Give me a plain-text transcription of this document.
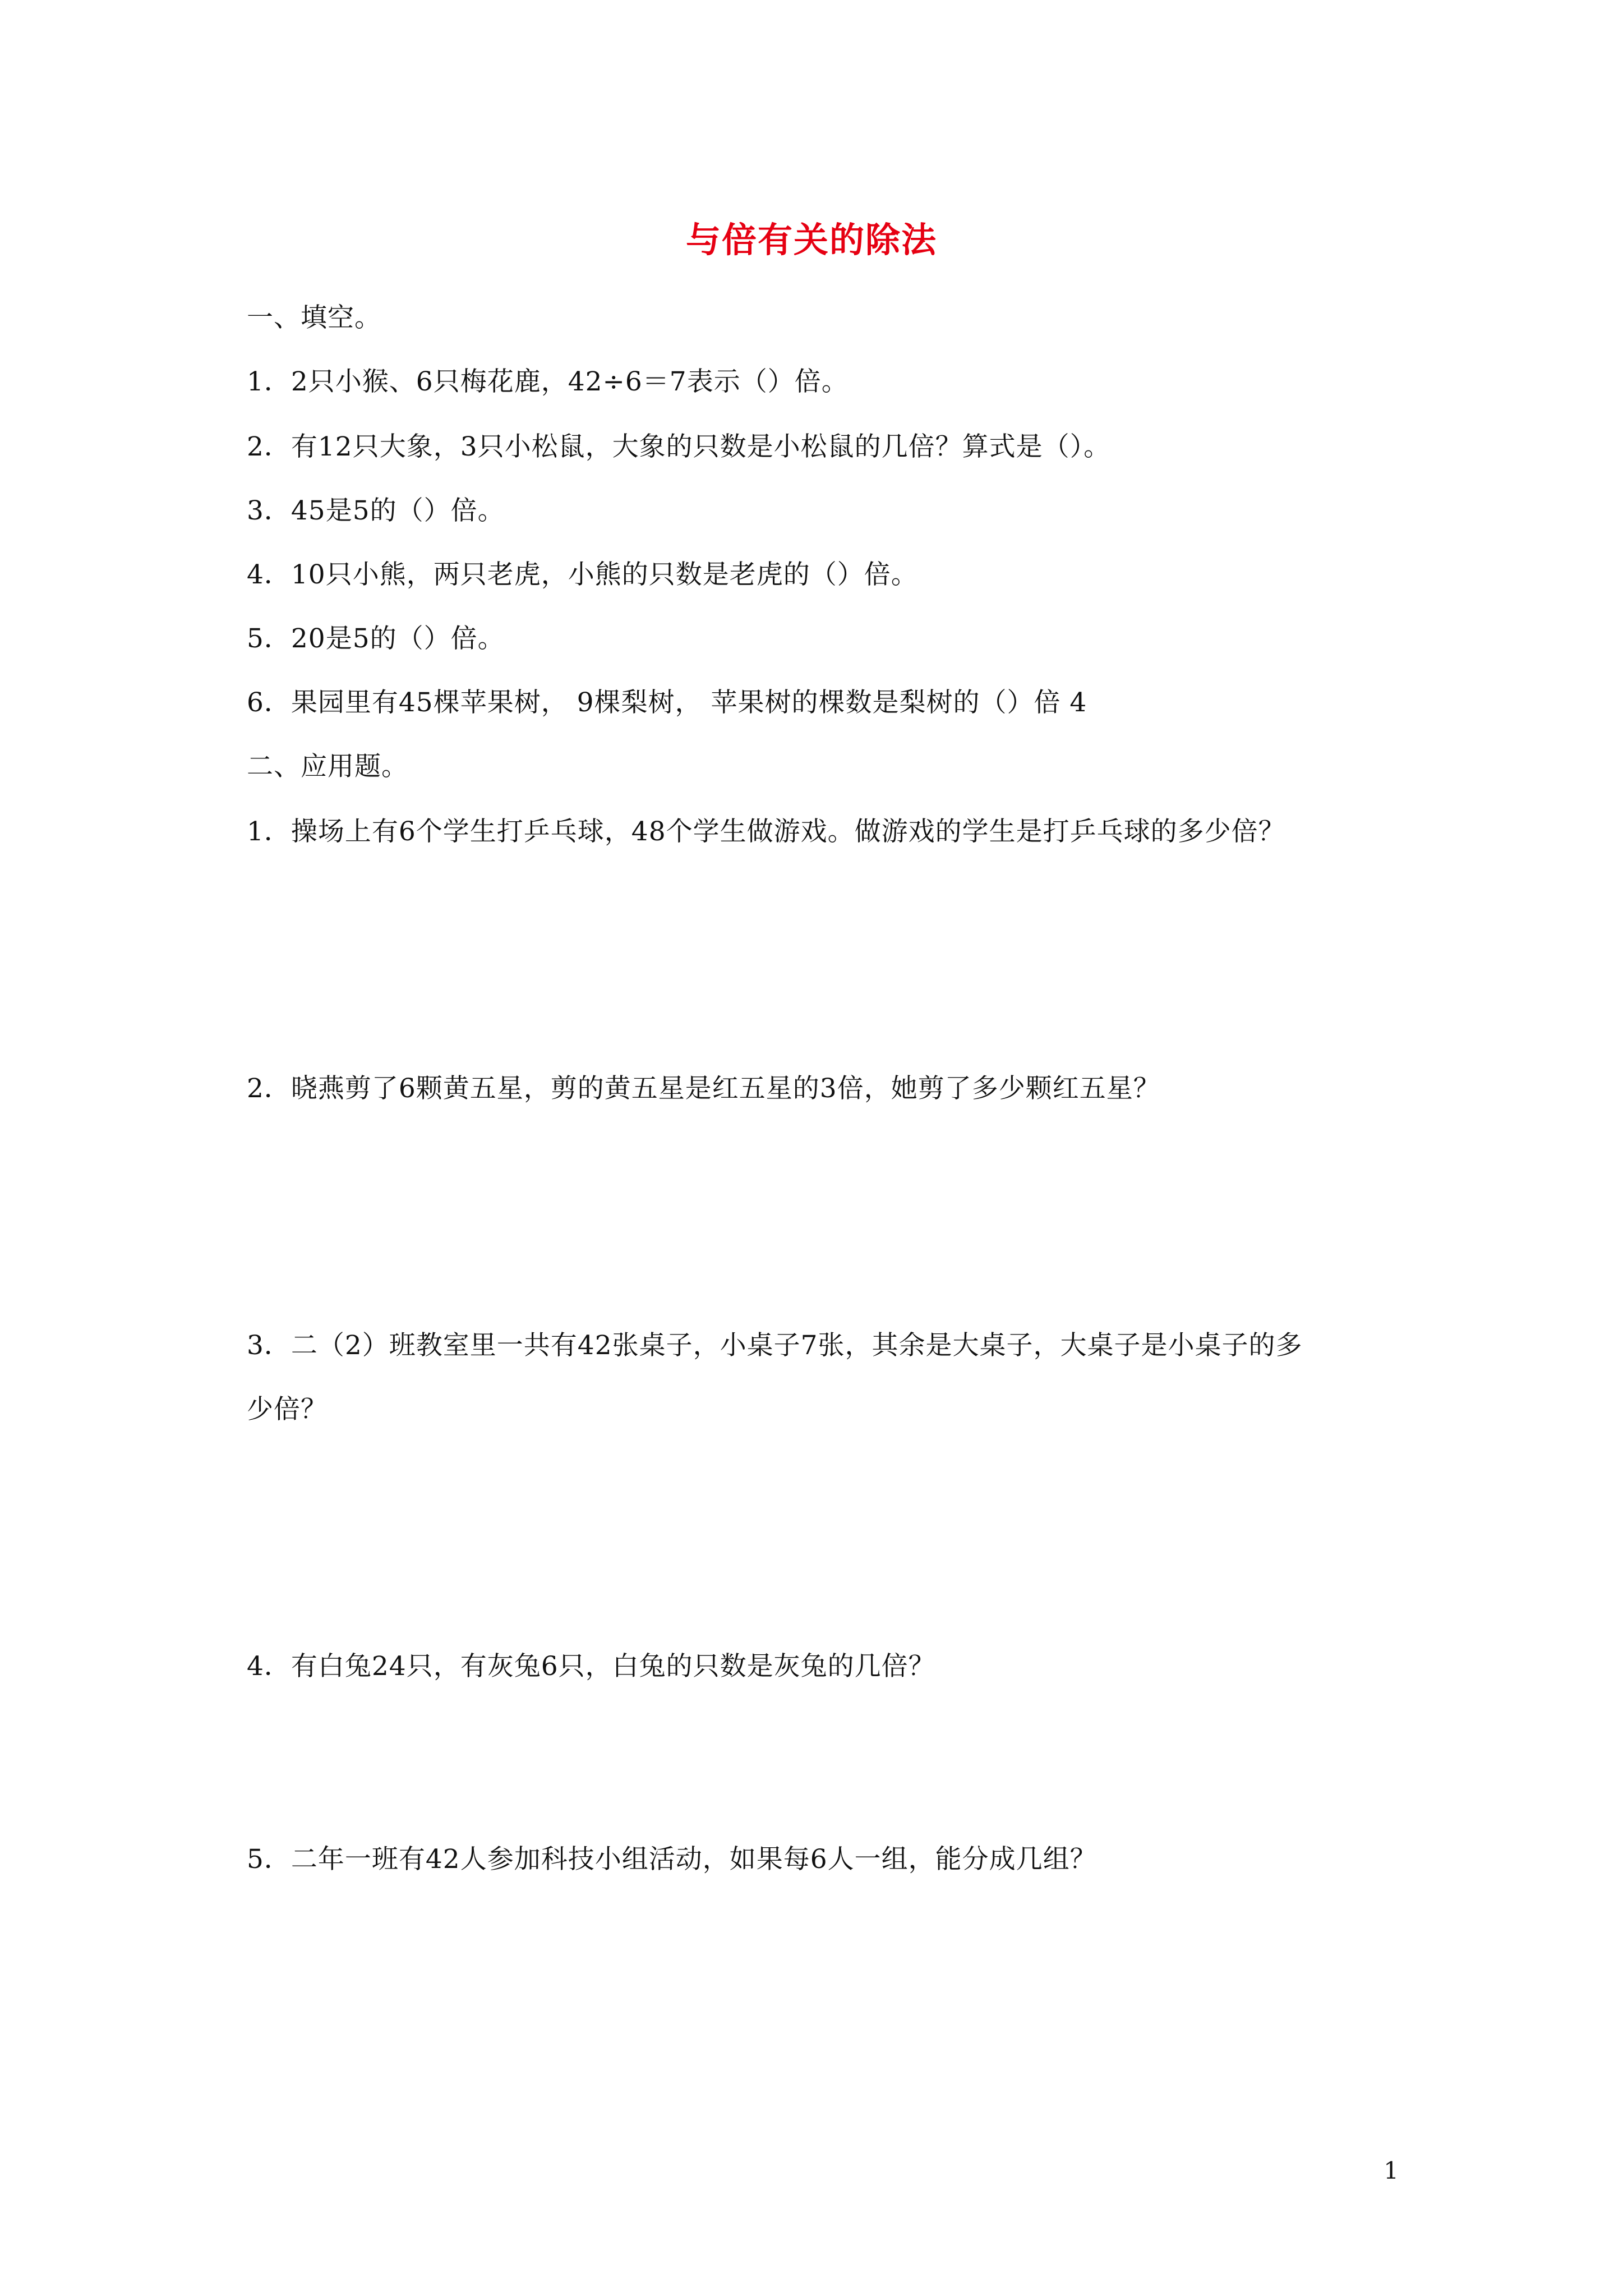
与倍有关的除法
一、填空。
1．2只小猴、6只梅花鹿，42÷6＝7表示（）倍。
2．有12只大象，3只小松鼠，大象的只数是小松鼠的几倍？算式是（）。
3．45是5的（）倍。
4．10只小熊，两只老虎，小熊的只数是老虎的（）倍。
5．20是5的（）倍。
6．果园里有45棵苹果树， 9棵梨树， 苹果树的棵数是梨树的（）倍 4
二、应用题。
1．操场上有6个学生打乒乓球，48个学生做游戏。做游戏的学生是打乒乓球的多少倍？
2．晓燕剪了6颗黄五星，剪的黄五星是红五星的3倍，她剪了多少颗红五星？
3．二（2）班教室里一共有42张桌子，小桌子7张，其余是大桌子，大桌子是小桌子的多
少倍？
4．有白兔24只，有灰兔6只，白兔的只数是灰兔的几倍？
5．二年一班有42人参加科技小组活动，如果每6人一组，能分成几组？
1
